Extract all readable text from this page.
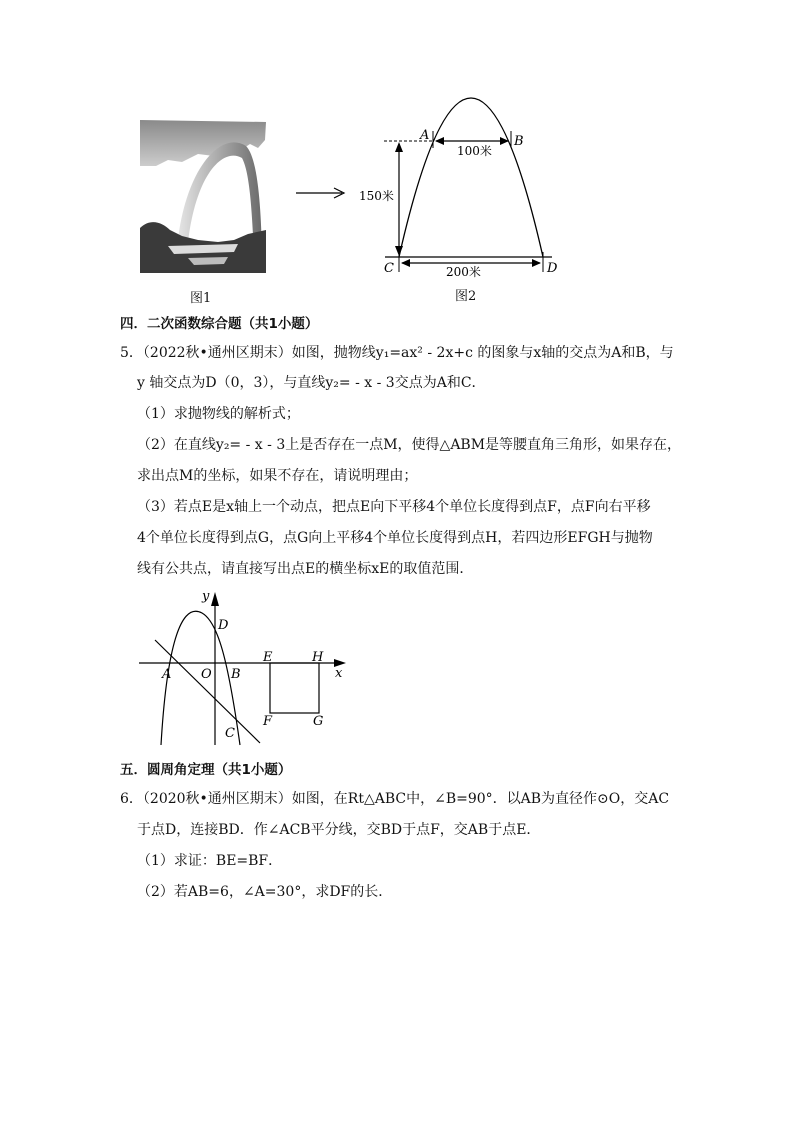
图1
A	B
C	D
100米
150米
200米
图2
四．二次函数综合题（共1小题）
5．（2022秋•通州区期末）如图，抛物线y₁=ax² - 2x+c 的图象与x轴的交点为A和B，与
y 轴交点为D（0，3），与直线y₂= - x - 3交点为A和C．
（1）求抛物线的解析式；
（2）在直线y₂= - x - 3上是否存在一点M，使得△ABM是等腰直角三角形，如果存在，
求出点M的坐标，如果不存在，请说明理由；
（3）若点E是x轴上一个动点，把点E向下平移4个单位长度得到点F，点F向右平移
4个单位长度得到点G，点G向上平移4个单位长度得到点H，若四边形EFGH与抛物
线有公共点，请直接写出点E的横坐标xE的取值范围．
y
x
D
A O B
C
E	H
F	G
五．圆周角定理（共1小题）
6．（2020秋•通州区期末）如图，在Rt△ABC中，∠B=90°．以AB为直径作⊙O，交AC
于点D，连接BD．作∠ACB平分线，交BD于点F，交AB于点E．
（1）求证：BE=BF．
（2）若AB=6，∠A=30°，求DF的长．
